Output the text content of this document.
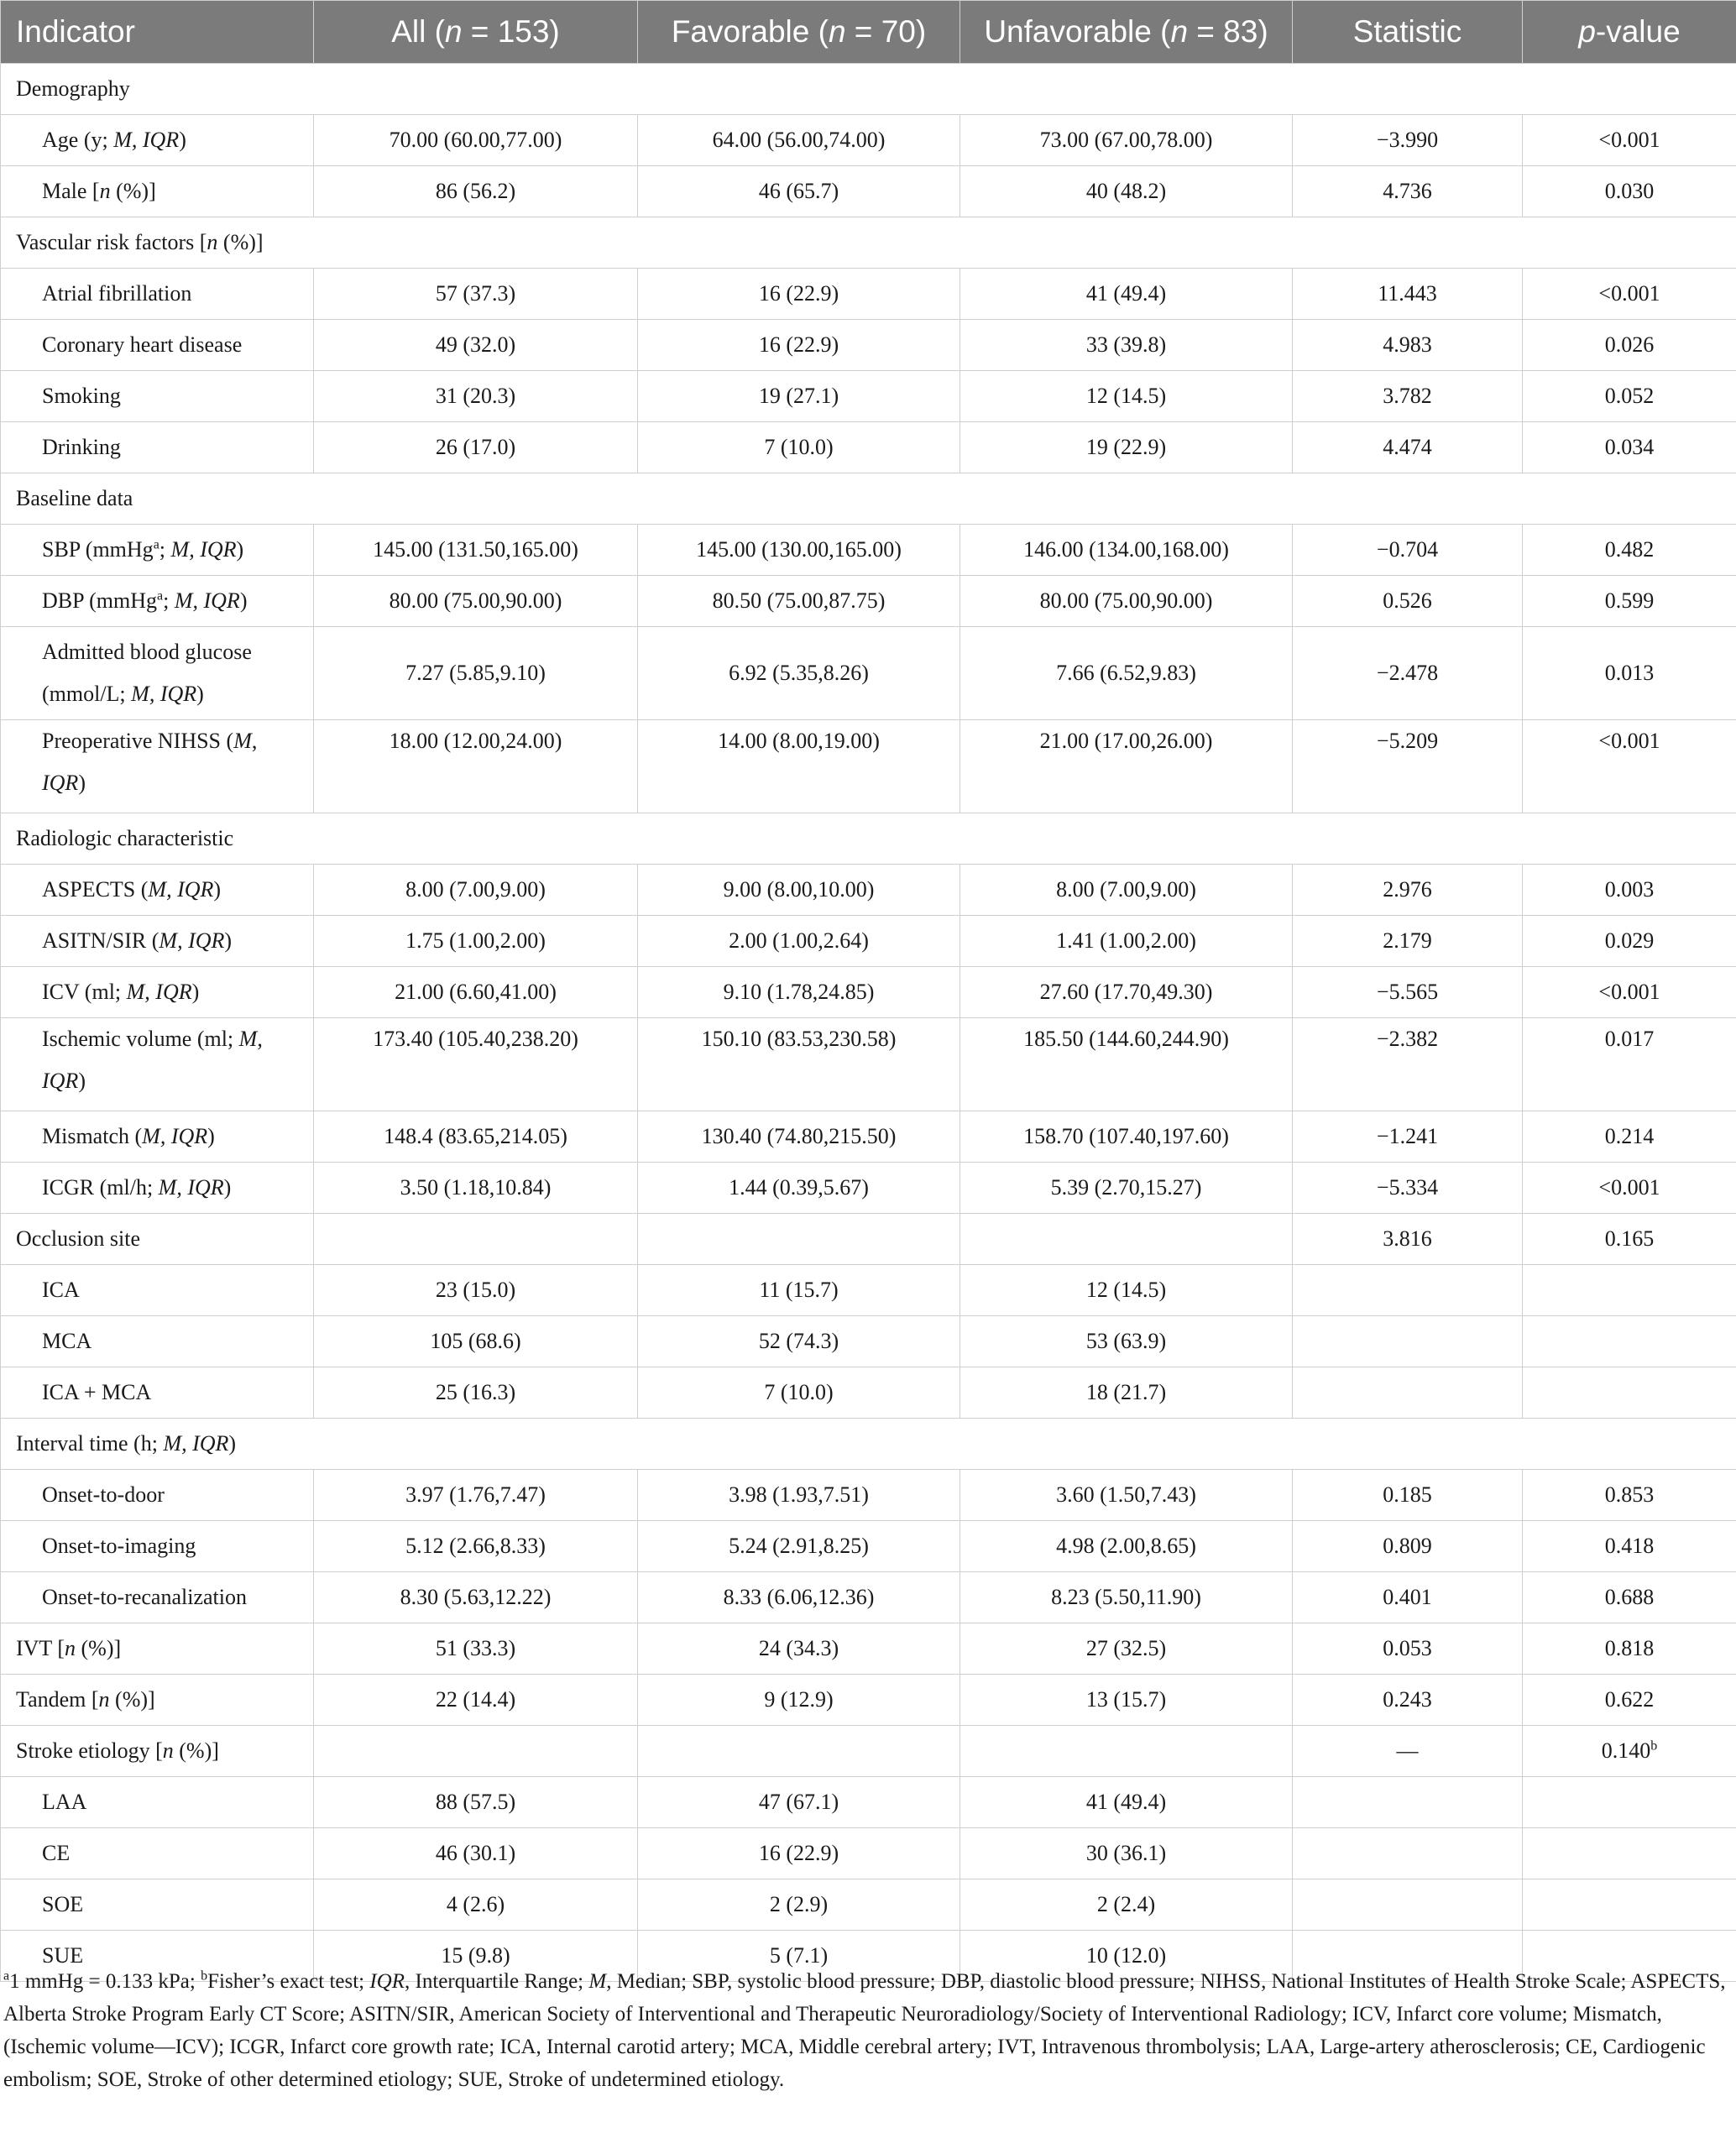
Indicator	All (n = 153)	Favorable (n = 70)	Unfavorable (n = 83)	Statistic	p-value
Demography					
Age (y; M, IQR)	70.00 (60.00,77.00)	64.00 (56.00,74.00)	73.00 (67.00,78.00)	−3.990	<0.001
Male [n (%)]	86 (56.2)	46 (65.7)	40 (48.2)	4.736	0.030
Vascular risk factors [n (%)]					
Atrial fibrillation	57 (37.3)	16 (22.9)	41 (49.4)	11.443	<0.001
Coronary heart disease	49 (32.0)	16 (22.9)	33 (39.8)	4.983	0.026
Smoking	31 (20.3)	19 (27.1)	12 (14.5)	3.782	0.052
Drinking	26 (17.0)	7 (10.0)	19 (22.9)	4.474	0.034
Baseline data					
SBP (mmHg$^a$; M, IQR)	145.00 (131.50,165.00)	145.00 (130.00,165.00)	146.00 (134.00,168.00)	−0.704	0.482
DBP (mmHg$^a$; M, IQR)	80.00 (75.00,90.00)	80.50 (75.00,87.75)	80.00 (75.00,90.00)	0.526	0.599
Admitted blood glucose
(mmol/L; M, IQR)	7.27 (5.85,9.10)	6.92 (5.35,8.26)	7.66 (6.52,9.83)	−2.478	0.013
Preoperative NIHSS (M,
IQR)	18.00 (12.00,24.00)	14.00 (8.00,19.00)	21.00 (17.00,26.00)	−5.209	<0.001
Radiologic characteristic					
ASPECTS (M, IQR)	8.00 (7.00,9.00)	9.00 (8.00,10.00)	8.00 (7.00,9.00)	2.976	0.003
ASITN/SIR (M, IQR)	1.75 (1.00,2.00)	2.00 (1.00,2.64)	1.41 (1.00,2.00)	2.179	0.029
ICV (ml; M, IQR)	21.00 (6.60,41.00)	9.10 (1.78,24.85)	27.60 (17.70,49.30)	−5.565	<0.001
Ischemic volume (ml; M,
IQR)	173.40 (105.40,238.20)	150.10 (83.53,230.58)	185.50 (144.60,244.90)	−2.382	0.017
Mismatch (M, IQR)	148.4 (83.65,214.05)	130.40 (74.80,215.50)	158.70 (107.40,197.60)	−1.241	0.214
ICGR (ml/h; M, IQR)	3.50 (1.18,10.84)	1.44 (0.39,5.67)	5.39 (2.70,15.27)	−5.334	<0.001
Occlusion site				3.816	0.165
ICA	23 (15.0)	11 (15.7)	12 (14.5)		
MCA	105 (68.6)	52 (74.3)	53 (63.9)		
ICA + MCA	25 (16.3)	7 (10.0)	18 (21.7)		
Interval time (h; M, IQR)					
Onset-to-door	3.97 (1.76,7.47)	3.98 (1.93,7.51)	3.60 (1.50,7.43)	0.185	0.853
Onset-to-imaging	5.12 (2.66,8.33)	5.24 (2.91,8.25)	4.98 (2.00,8.65)	0.809	0.418
Onset-to-recanalization	8.30 (5.63,12.22)	8.33 (6.06,12.36)	8.23 (5.50,11.90)	0.401	0.688
IVT [n (%)]	51 (33.3)	24 (34.3)	27 (32.5)	0.053	0.818
Tandem [n (%)]	22 (14.4)	9 (12.9)	13 (15.7)	0.243	0.622
Stroke etiology [n (%)]				—	0.140$^b$
LAA	88 (57.5)	47 (67.1)	41 (49.4)		
CE	46 (30.1)	16 (22.9)	30 (36.1)		
SOE	4 (2.6)	2 (2.9)	2 (2.4)		
SUE	15 (9.8)	5 (7.1)	10 (12.0)		
$^a$1 mmHg = 0.133 kPa; $^b$Fisher’s exact test; IQR, Interquartile Range; M, Median; SBP, systolic blood pressure; DBP, diastolic blood pressure; NIHSS, National Institutes of Health Stroke Scale; ASPECTS, Alberta Stroke Program Early CT Score; ASITN/SIR, American Society of Interventional and Therapeutic Neuroradiology/Society of Interventional Radiology; ICV, Infarct core volume; Mismatch, (Ischemic volume—ICV); ICGR, Infarct core growth rate; ICA, Internal carotid artery; MCA, Middle cerebral artery; IVT, Intravenous thrombolysis; LAA, Large-artery atherosclerosis; CE, Cardiogenic embolism; SOE, Stroke of other determined etiology; SUE, Stroke of undetermined etiology.
